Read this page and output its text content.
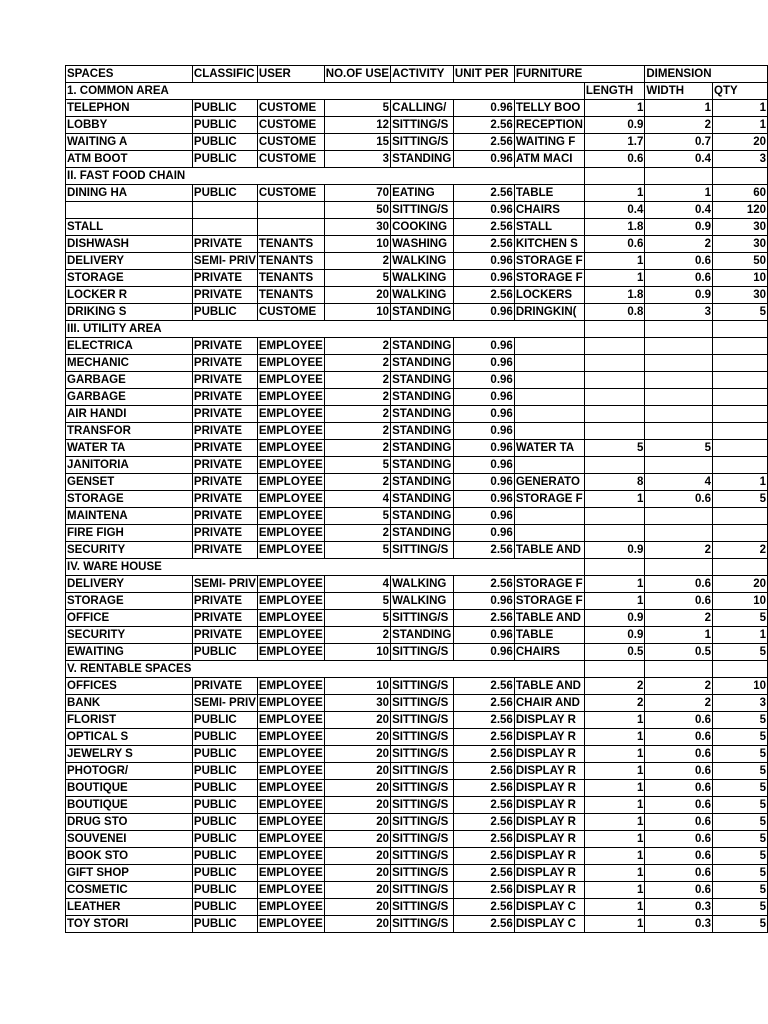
SPACES	CLASSIFIC	USER	NO.OF USE	ACTIVITY	UNIT PER	FURNITURE		DIMENSION	
1. COMMON AREA							LENGTH	WIDTH	QTY
TELEPHON	PUBLIC	CUSTOME	5	CALLING/	0.96	TELLY BOO	1	1	1
LOBBY	PUBLIC	CUSTOME	12	SITTING/S	2.56	RECEPTION	0.9	2	1
WAITING A	PUBLIC	CUSTOME	15	SITTING/S	2.56	WAITING F	1.7	0.7	20
ATM BOOT	PUBLIC	CUSTOME	3	STANDING	0.96	ATM MACI	0.6	0.4	3
II. FAST FOOD CHAIN									
DINING HA	PUBLIC	CUSTOME	70	EATING	2.56	TABLE	1	1	60
			50	SITTING/S	0.96	CHAIRS	0.4	0.4	120
STALL			30	COOKING	2.56	STALL	1.8	0.9	30
DISHWASH	PRIVATE	TENANTS	10	WASHING	2.56	KITCHEN S	0.6	2	30
DELIVERY	SEMI- PRIV	TENANTS	2	WALKING	0.96	STORAGE F	1	0.6	50
STORAGE	PRIVATE	TENANTS	5	WALKING	0.96	STORAGE F	1	0.6	10
LOCKER R	PRIVATE	TENANTS	20	WALKING	2.56	LOCKERS	1.8	0.9	30
DRIKING S	PUBLIC	CUSTOME	10	STANDING	0.96	DRINGKIN(	0.8	3	5
III. UTILITY AREA									
ELECTRICA	PRIVATE	EMPLOYEE	2	STANDING	0.96				
MECHANIC	PRIVATE	EMPLOYEE	2	STANDING	0.96				
GARBAGE	PRIVATE	EMPLOYEE	2	STANDING	0.96				
GARBAGE	PRIVATE	EMPLOYEE	2	STANDING	0.96				
AIR HANDI	PRIVATE	EMPLOYEE	2	STANDING	0.96				
TRANSFOR	PRIVATE	EMPLOYEE	2	STANDING	0.96				
WATER TA	PRIVATE	EMPLOYEE	2	STANDING	0.96	WATER TA	5	5	
JANITORIA	PRIVATE	EMPLOYEE	5	STANDING	0.96				
GENSET	PRIVATE	EMPLOYEE	2	STANDING	0.96	GENERATO	8	4	1
STORAGE	PRIVATE	EMPLOYEE	4	STANDING	0.96	STORAGE F	1	0.6	5
MAINTENA	PRIVATE	EMPLOYEE	5	STANDING	0.96				
FIRE FIGH	PRIVATE	EMPLOYEE	2	STANDING	0.96				
SECURITY	PRIVATE	EMPLOYEE	5	SITTING/S	2.56	TABLE AND	0.9	2	2
IV. WARE HOUSE									
DELIVERY	SEMI- PRIV	EMPLOYEE	4	WALKING	2.56	STORAGE F	1	0.6	20
STORAGE	PRIVATE	EMPLOYEE	5	WALKING	0.96	STORAGE F	1	0.6	10
OFFICE	PRIVATE	EMPLOYEE	5	SITTING/S	2.56	TABLE AND	0.9	2	5
SECURITY	PRIVATE	EMPLOYEE	2	STANDING	0.96	TABLE	0.9	1	1
EWAITING	PUBLIC	EMPLOYEE	10	SITTING/S	0.96	CHAIRS	0.5	0.5	5
V. RENTABLE SPACES									
OFFICES	PRIVATE	EMPLOYEE	10	SITTING/S	2.56	TABLE AND	2	2	10
BANK	SEMI- PRIV	EMPLOYEE	30	SITTING/S	2.56	CHAIR AND	2	2	3
FLORIST	PUBLIC	EMPLOYEE	20	SITTING/S	2.56	DISPLAY R	1	0.6	5
OPTICAL S	PUBLIC	EMPLOYEE	20	SITTING/S	2.56	DISPLAY R	1	0.6	5
JEWELRY S	PUBLIC	EMPLOYEE	20	SITTING/S	2.56	DISPLAY R	1	0.6	5
PHOTOGR/	PUBLIC	EMPLOYEE	20	SITTING/S	2.56	DISPLAY R	1	0.6	5
BOUTIQUE	PUBLIC	EMPLOYEE	20	SITTING/S	2.56	DISPLAY R	1	0.6	5
BOUTIQUE	PUBLIC	EMPLOYEE	20	SITTING/S	2.56	DISPLAY R	1	0.6	5
DRUG STO	PUBLIC	EMPLOYEE	20	SITTING/S	2.56	DISPLAY R	1	0.6	5
SOUVENEI	PUBLIC	EMPLOYEE	20	SITTING/S	2.56	DISPLAY R	1	0.6	5
BOOK STO	PUBLIC	EMPLOYEE	20	SITTING/S	2.56	DISPLAY R	1	0.6	5
GIFT SHOP	PUBLIC	EMPLOYEE	20	SITTING/S	2.56	DISPLAY R	1	0.6	5
COSMETIC	PUBLIC	EMPLOYEE	20	SITTING/S	2.56	DISPLAY R	1	0.6	5
LEATHER	PUBLIC	EMPLOYEE	20	SITTING/S	2.56	DISPLAY C	1	0.3	5
TOY STORI	PUBLIC	EMPLOYEE	20	SITTING/S	2.56	DISPLAY C	1	0.3	5
